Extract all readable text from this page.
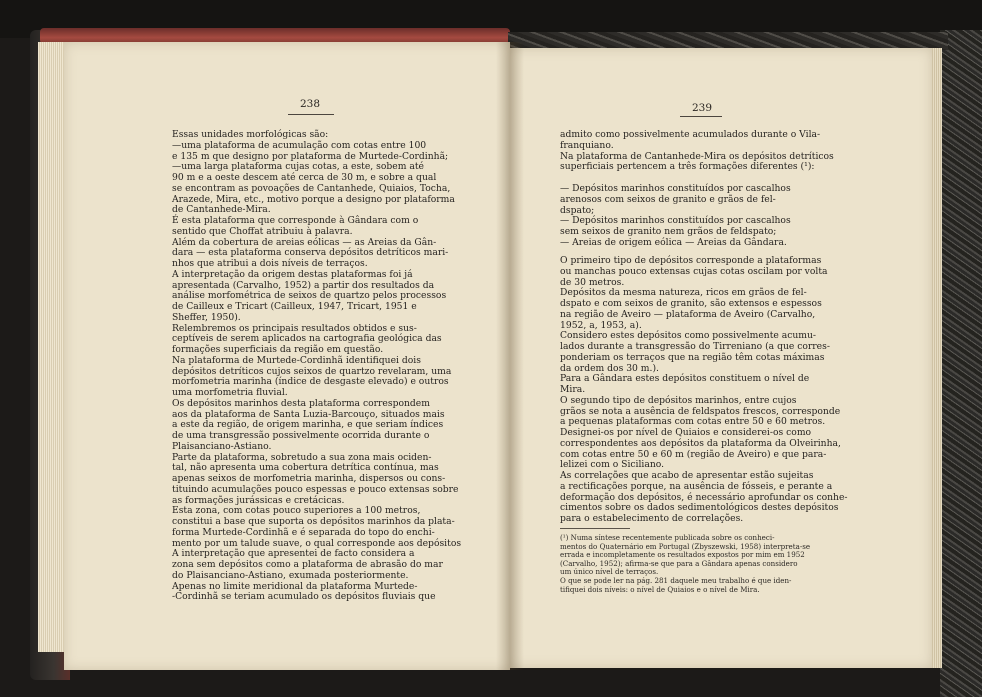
238

Essas unidades morfológicas são:

—uma plataforma de acumulação com cotas entre 100

e 135 m que designo por plataforma de Murtede-Cordinhã;

—uma larga plataforma cujas cotas, a este, sobem até

90 m e a oeste descem até cerca de 30 m, e sobre a qual

se encontram as povoações de Cantanhede, Quiaios, Tocha,

Arazede, Mira, etc., motivo porque a designo por plataforma

de Cantanhede-Mira.

É esta plataforma que corresponde à Gândara com o

sentido que Choffat atribuiu à palavra.

Além da cobertura de areias eólicas — as Areias da Gân-

dara — esta plataforma conserva depósitos detríticos mari-

nhos que atribui a dois níveis de terraços.

A interpretação da origem destas plataformas foi já

apresentada (Carvalho, 1952) a partir dos resultados da

análise morfométrica de seixos de quartzo pelos processos

de Cailleux e Tricart (Cailleux, 1947, Tricart, 1951 e

Sheffer, 1950).

Relembremos os principais resultados obtidos e sus-

ceptíveis de serem aplicados na cartografia geológica das

formações superficiais da região em questão.

Na plataforma de Murtede-Cordinhã identifiquei dois

depósitos detríticos cujos seixos de quartzo revelaram, uma

morfometria marinha (índice de desgaste elevado) e outros

uma morfometria fluvial.

Os depósitos marinhos desta plataforma correspondem

aos da plataforma de Santa Luzia-Barcouço, situados mais

a este da região, de origem marinha, e que seriam índices

de uma transgressão possivelmente ocorrida durante o

Plaisanciano-Astiano.

Parte da plataforma, sobretudo a sua zona mais ociden-

tal, não apresenta uma cobertura detrítica contínua, mas

apenas seixos de morfometria marinha, dispersos ou cons-

tituindo acumulações pouco espessas e pouco extensas sobre

as formações jurássicas e cretácicas.

Esta zona, com cotas pouco superiores a 100 metros,

constitui a base que suporta os depósitos marinhos da plata-

forma Murtede-Cordinhã e é separada do topo do enchi-

mento por um talude suave, o qual corresponde aos depósitos

A interpretação que apresentei de facto considera a

zona sem depósitos como a plataforma de abrasão do mar

do Plaisanciano-Astiano, exumada posteriormente.

Apenas no limite meridional da plataforma Murtede-

-Cordinhã se teriam acumulado os depósitos fluviais que

239

admito como possivelmente acumulados durante o Vila-

franquiano.

Na plataforma de Cantanhede-Mira os depósitos detríticos

superficiais pertencem a três formações diferentes (¹):

— Depósitos marinhos constituídos por cascalhos

arenosos com seixos de granito e grãos de fel-

dspato;

— Depósitos marinhos constituídos por cascalhos

sem seixos de granito nem grãos de feldspato;

— Areias de origem eólica — Areias da Gândara.

O primeiro tipo de depósitos corresponde a plataformas

ou manchas pouco extensas cujas cotas oscilam por volta

de 30 metros.

Depósitos da mesma natureza, ricos em grãos de fel-

dspato e com seixos de granito, são extensos e espessos

na região de Aveiro — plataforma de Aveiro (Carvalho,

1952, a, 1953, a).

Considero estes depósitos como possivelmente acumu-

lados durante a transgressão do Tirreniano (a que corres-

ponderiam os terraços que na região têm cotas máximas

da ordem dos 30 m.).

Para a Gândara estes depósitos constituem o nível de

Mira.

O segundo tipo de depósitos marinhos, entre cujos

grãos se nota a ausência de feldspatos frescos, corresponde

a pequenas plataformas com cotas entre 50 e 60 metros.

Designei-os por nível de Quiaios e considerei-os como

correspondentes aos depósitos da plataforma da Olveirinha,

com cotas entre 50 e 60 m (região de Aveiro) e que para-

lelizei com o Siciliano.

As correlações que acabo de apresentar estão sujeitas

a rectificações porque, na ausência de fósseis, e perante a

deformação dos depósitos, é necessário aprofundar os conhe-

cimentos sobre os dados sedimentológicos destes depósitos

para o estabelecimento de correlações.

(¹) Numa síntese recentemente publicada sobre os conheci-

mentos do Quaternário em Portugal (Zbyszewski, 1958) interpreta-se

errada e incompletamente os resultados expostos por mim em 1952

(Carvalho, 1952); afirma-se que para a Gândara apenas considero

um único nível de terraços.

O que se pode ler na pág. 281 daquele meu trabalho é que iden-

tifiquei dois níveis: o nível de Quiaios e o nível de Mira.
